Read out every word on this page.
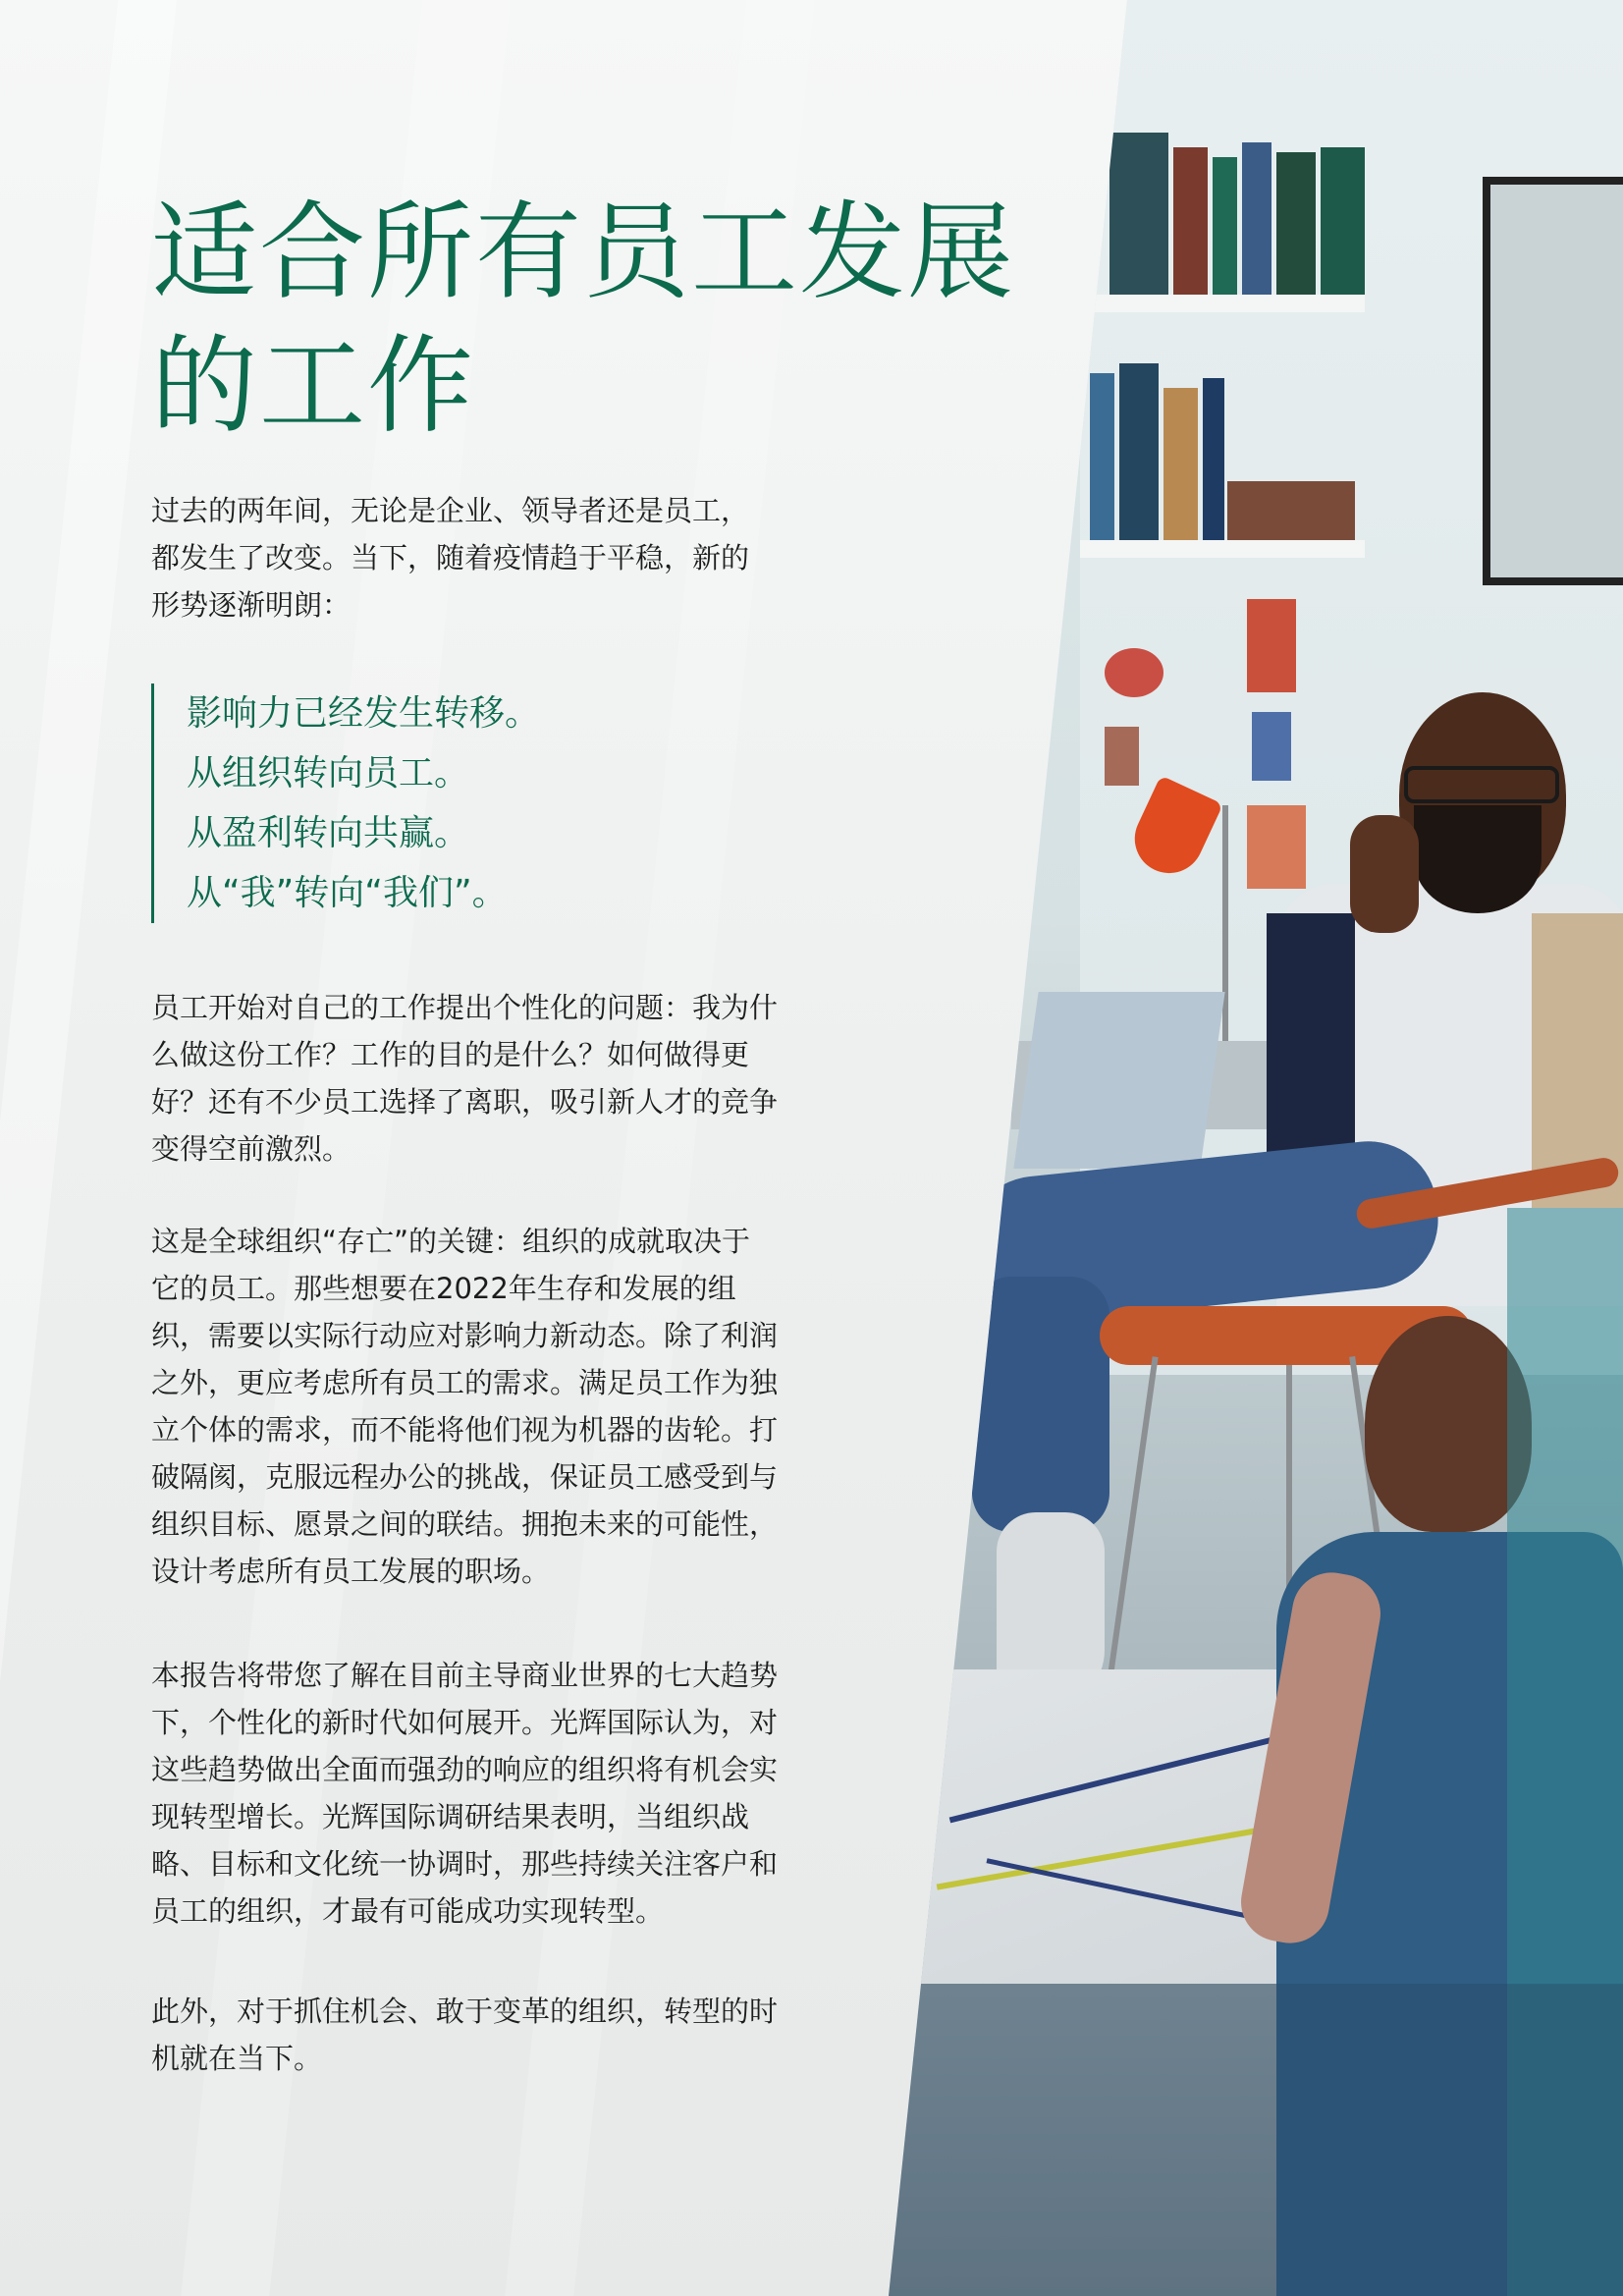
适合所有员工发展
的工作
过去的两年间，无论是企业、领导者还是员工，
都发生了改变。当下，随着疫情趋于平稳，新的
形势逐渐明朗：
影响力已经发生转移。
从组织转向员工。
从盈利转向共赢。
从“我”转向“我们”。
员工开始对自己的工作提出个性化的问题：我为什
么做这份工作？工作的目的是什么？如何做得更
好？还有不少员工选择了离职，吸引新人才的竞争
变得空前激烈。
这是全球组织“存亡”的关键：组织的成就取决于
它的员工。那些想要在2022年生存和发展的组
织，需要以实际行动应对影响力新动态。除了利润
之外，更应考虑所有员工的需求。满足员工作为独
立个体的需求，而不能将他们视为机器的齿轮。打
破隔阂，克服远程办公的挑战，保证员工感受到与
组织目标、愿景之间的联结。拥抱未来的可能性，
设计考虑所有员工发展的职场。
本报告将带您了解在目前主导商业世界的七大趋势
下，个性化的新时代如何展开。光辉国际认为，对
这些趋势做出全面而强劲的响应的组织将有机会实
现转型增长。光辉国际调研结果表明，当组织战
略、目标和文化统一协调时，那些持续关注客户和
员工的组织，才最有可能成功实现转型。
此外，对于抓住机会、敢于变革的组织，转型的时
机就在当下。
